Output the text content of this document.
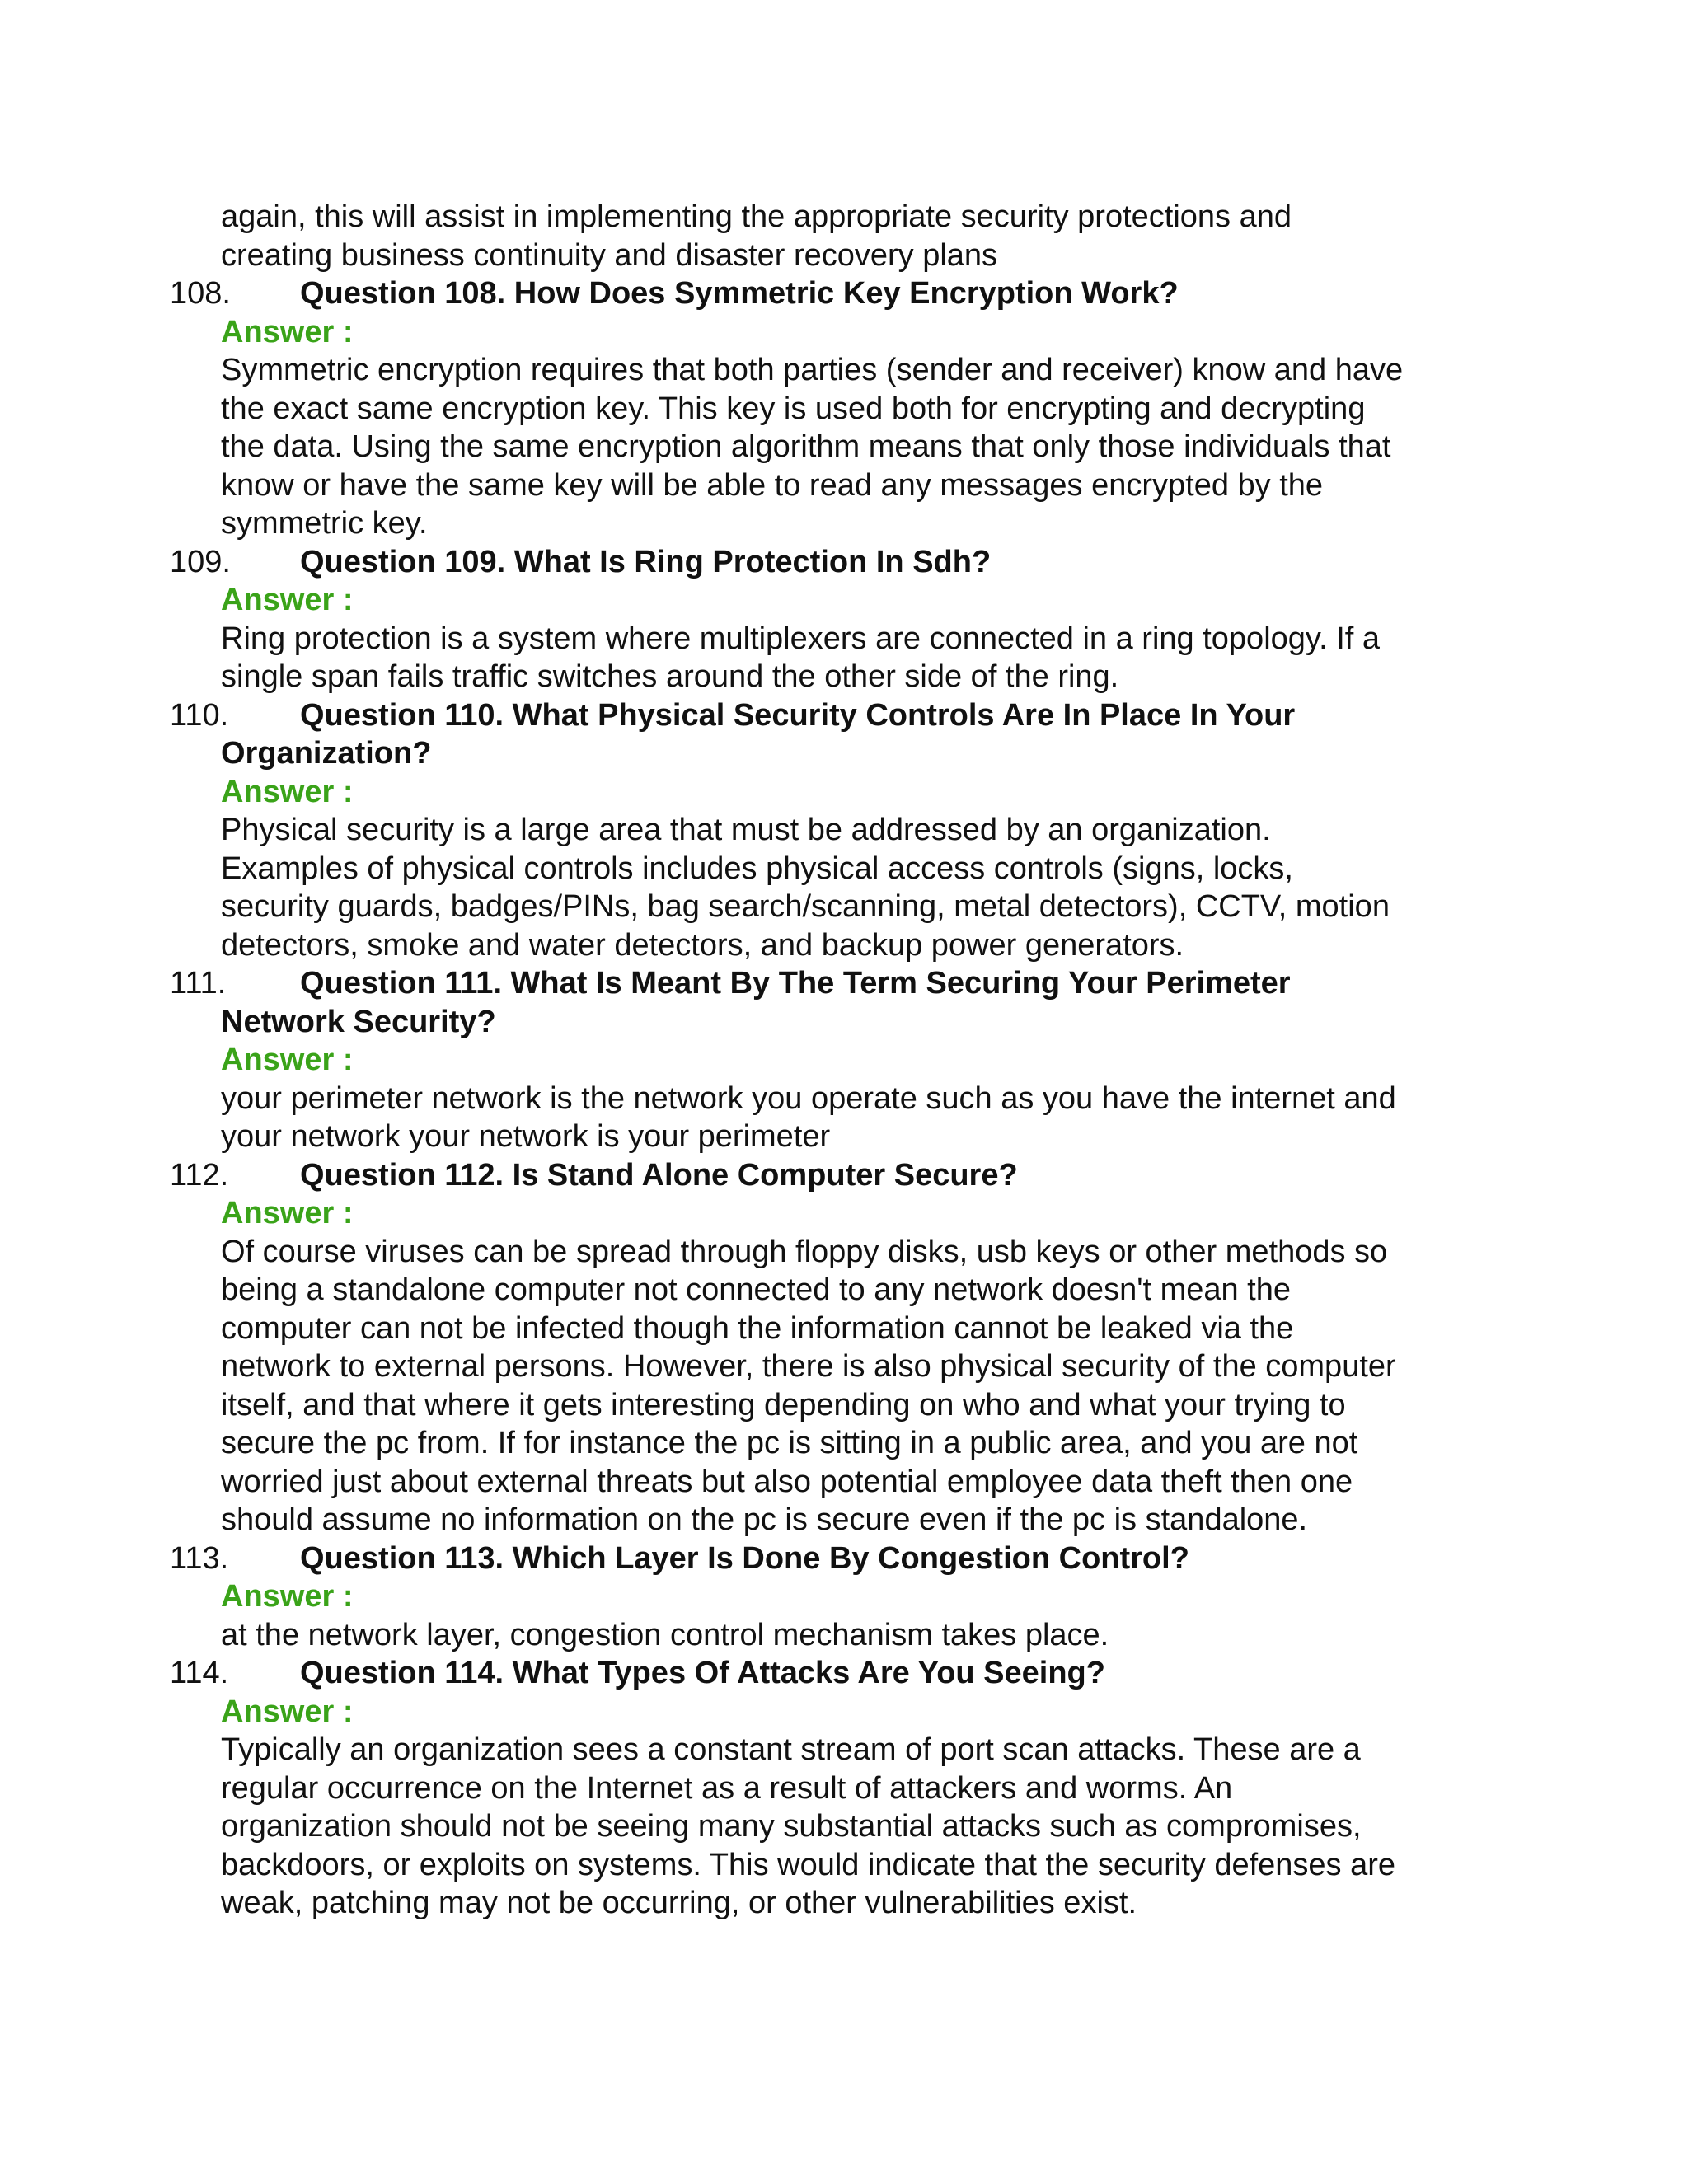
again, this will assist in implementing the appropriate security protections and
creating business continuity and disaster recovery plans

108.	Question 108. How Does Symmetric Key Encryption Work?

Answer :

Symmetric encryption requires that both parties (sender and receiver) know and have
the exact same encryption key. This key is used both for encrypting and decrypting
the data. Using the same encryption algorithm means that only those individuals that
know or have the same key will be able to read any messages encrypted by the
symmetric key.

109.	Question 109. What Is Ring Protection In Sdh?

Answer :

Ring protection is a system where multiplexers are connected in a ring topology. If a
single span fails traffic switches around the other side of the ring.

110.	Question 110. What Physical Security Controls Are In Place In Your
Organization?

Answer :

Physical security is a large area that must be addressed by an organization.
Examples of physical controls includes physical access controls (signs, locks,
security guards, badges/PINs, bag search/scanning, metal detectors), CCTV, motion
detectors, smoke and water detectors, and backup power generators.

111.	Question 111. What Is Meant By The Term Securing Your Perimeter
Network Security?

Answer :

your perimeter network is the network you operate such as you have the internet and
your network your network is your perimeter

112.	Question 112. Is Stand Alone Computer Secure?

Answer :

Of course viruses can be spread through floppy disks, usb keys or other methods so
being a standalone computer not connected to any network doesn't mean the
computer can not be infected though the information cannot be leaked via the
network to external persons. However, there is also physical security of the computer
itself, and that where it gets interesting depending on who and what your trying to
secure the pc from. If for instance the pc is sitting in a public area, and you are not
worried just about external threats but also potential employee data theft then one
should assume no information on the pc is secure even if the pc is standalone.

113.	Question 113. Which Layer Is Done By Congestion Control?

Answer :

at the network layer, congestion control mechanism takes place.

114.	Question 114. What Types Of Attacks Are You Seeing?

Answer :

Typically an organization sees a constant stream of port scan attacks. These are a
regular occurrence on the Internet as a result of attackers and worms. An
organization should not be seeing many substantial attacks such as compromises,
backdoors, or exploits on systems. This would indicate that the security defenses are
weak, patching may not be occurring, or other vulnerabilities exist.
